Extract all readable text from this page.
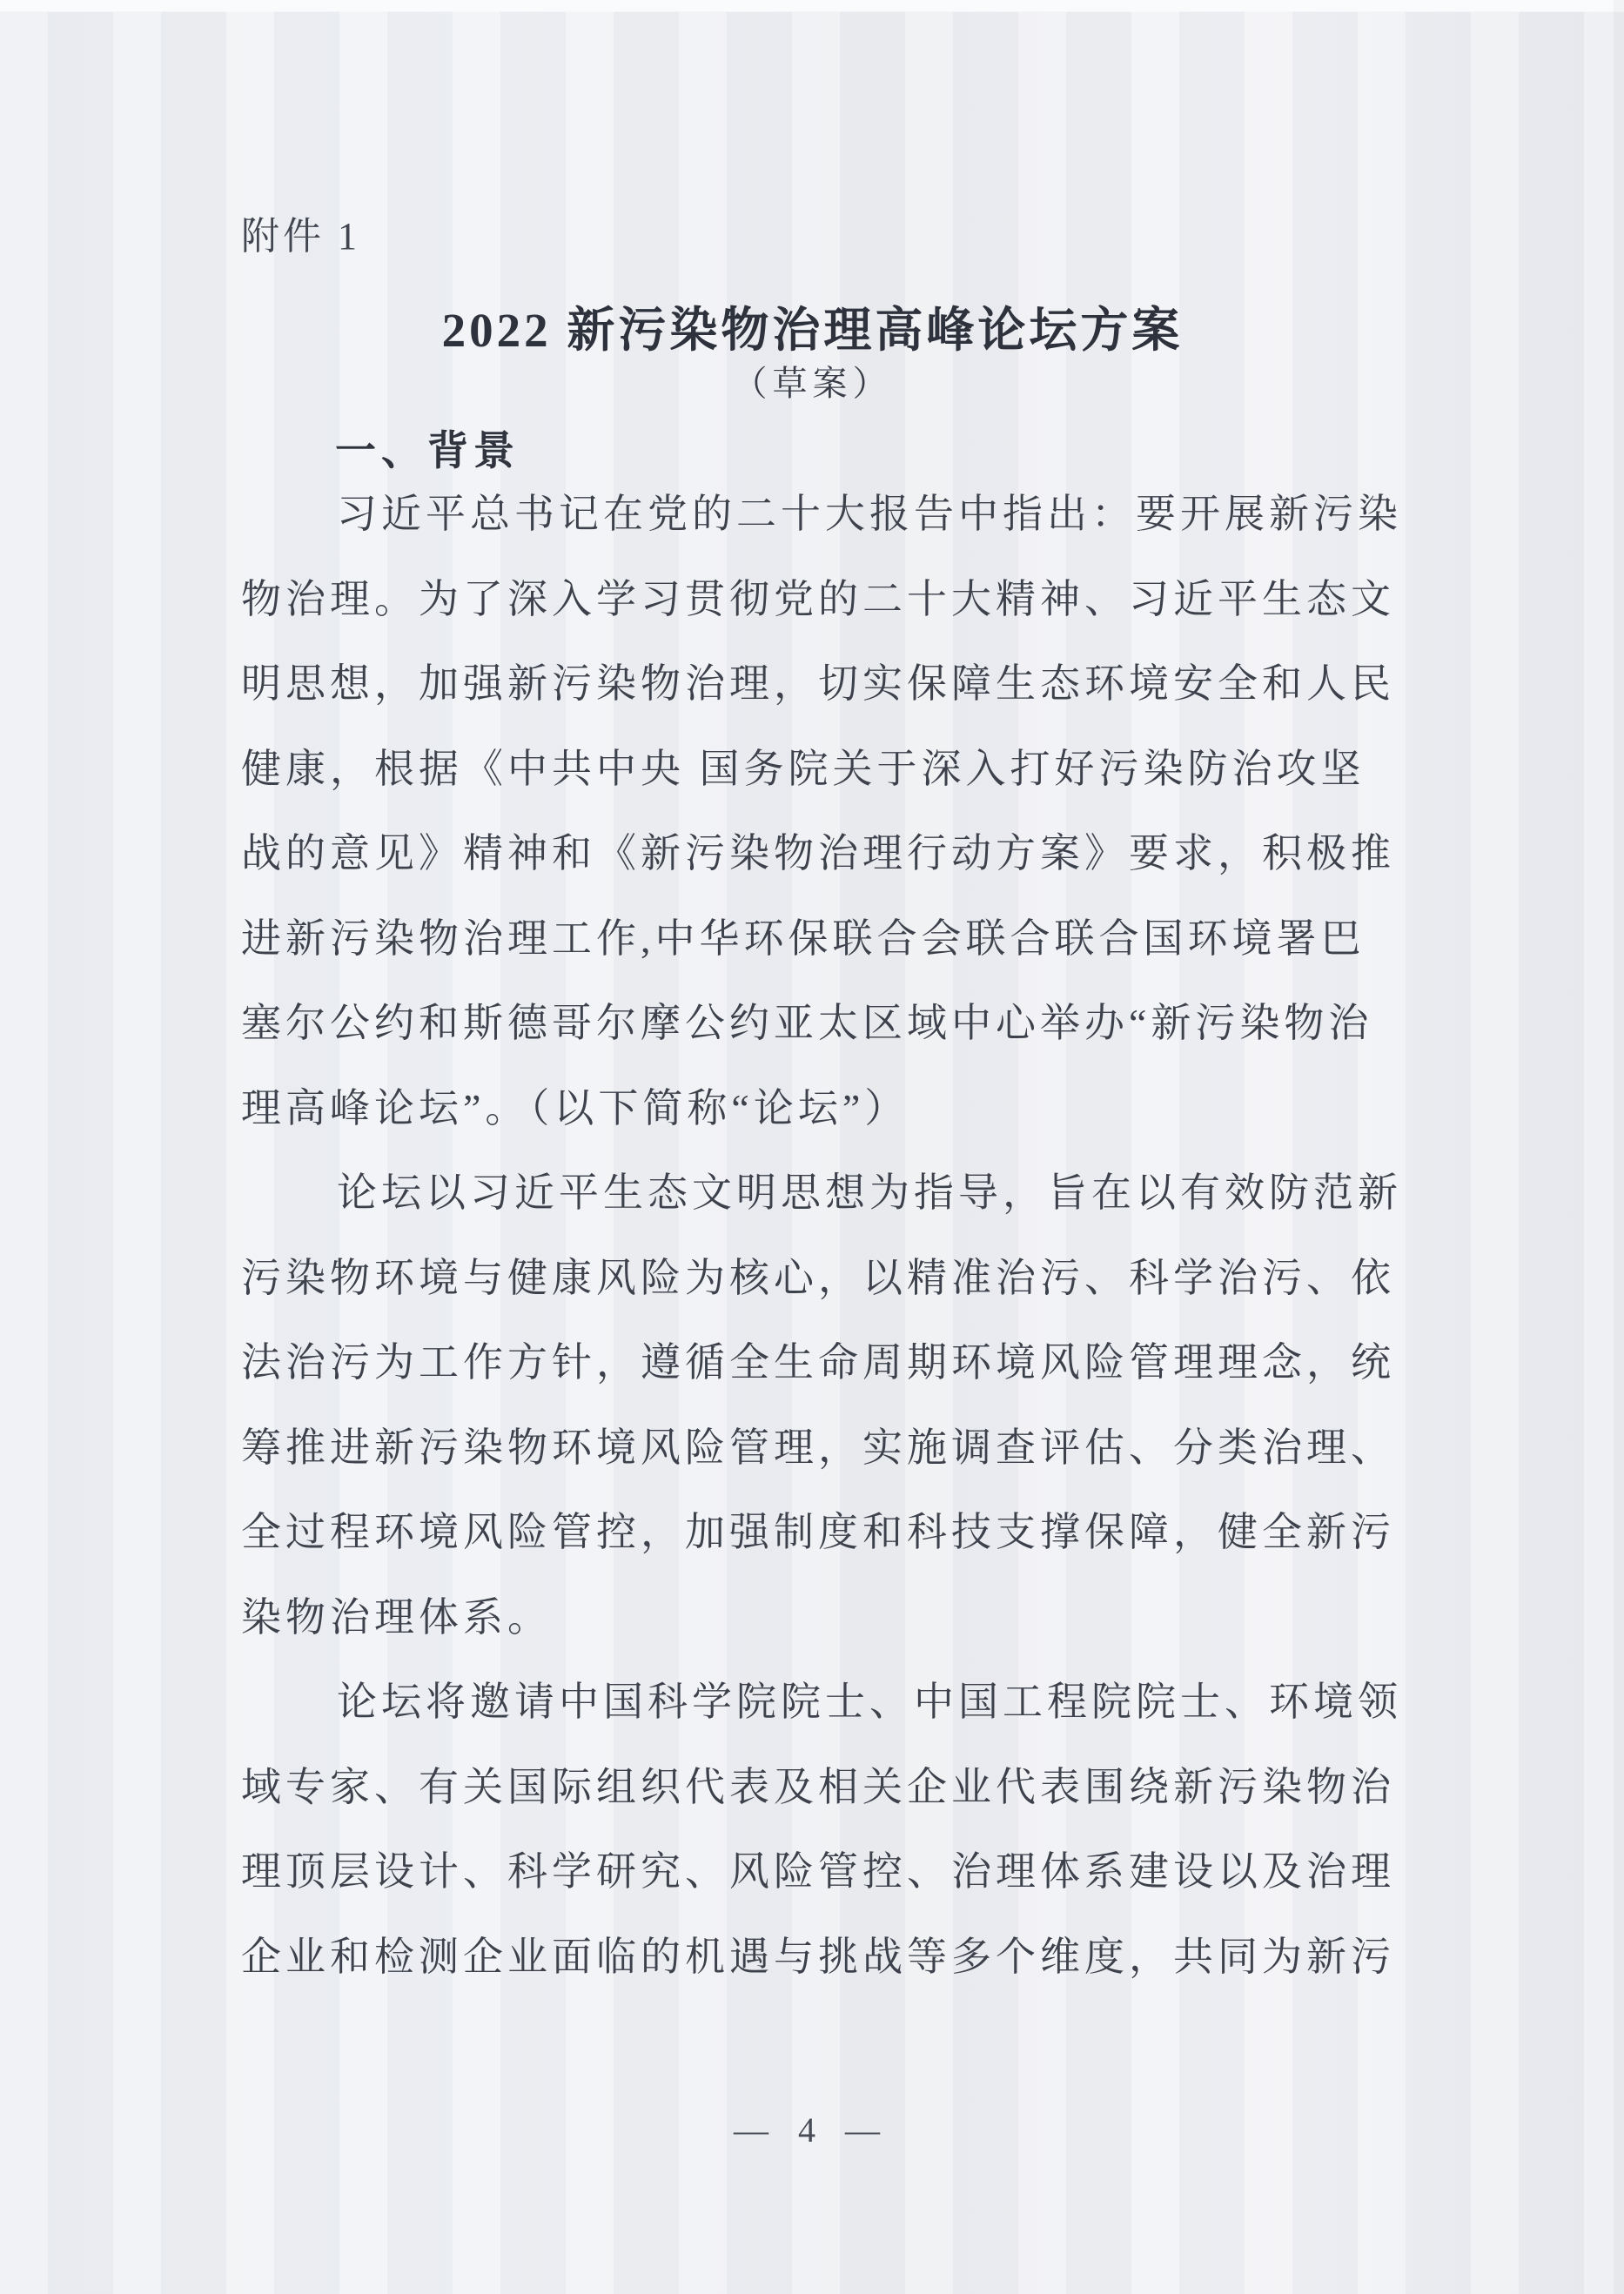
附件 1
2022 新污染物治理高峰论坛方案
（草案）
一、背景
习近平总书记在党的二十大报告中指出：要开展新污染
物治理。为了深入学习贯彻党的二十大精神、习近平生态文
明思想，加强新污染物治理，切实保障生态环境安全和人民
健康，根据《中共中央 国务院关于深入打好污染防治攻坚
战的意见》精神和《新污染物治理行动方案》要求，积极推
进新污染物治理工作,中华环保联合会联合联合国环境署巴
塞尔公约和斯德哥尔摩公约亚太区域中心举办“新污染物治
理高峰论坛”。（以下简称“论坛”）
论坛以习近平生态文明思想为指导，旨在以有效防范新
污染物环境与健康风险为核心，以精准治污、科学治污、依
法治污为工作方针，遵循全生命周期环境风险管理理念，统
筹推进新污染物环境风险管理，实施调查评估、分类治理、
全过程环境风险管控，加强制度和科技支撑保障，健全新污
染物治理体系。
论坛将邀请中国科学院院士、中国工程院院士、环境领
域专家、有关国际组织代表及相关企业代表围绕新污染物治
理顶层设计、科学研究、风险管控、治理体系建设以及治理
企业和检测企业面临的机遇与挑战等多个维度，共同为新污
— 4 —
